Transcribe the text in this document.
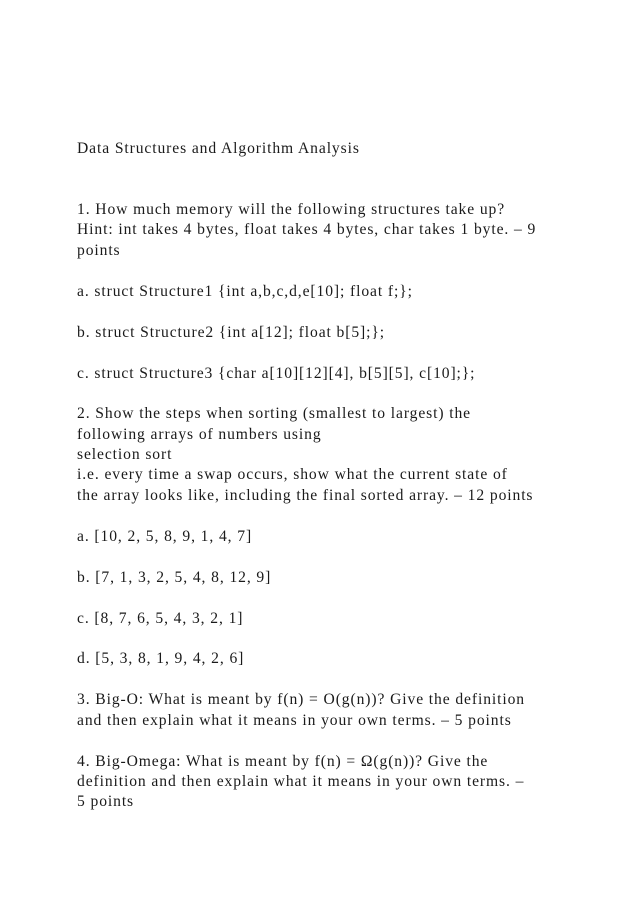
Data Structures and Algorithm Analysis
1. How much memory will the following structures take up?
Hint: int takes 4 bytes, float takes 4 bytes, char takes 1 byte. – 9
points
a. struct Structure1 {int a,b,c,d,e[10]; float f;};
b. struct Structure2 {int a[12]; float b[5];};
c. struct Structure3 {char a[10][12][4], b[5][5], c[10];};
2. Show the steps when sorting (smallest to largest) the
following arrays of numbers using
selection sort
i.e. every time a swap occurs, show what the current state of
the array looks like, including the final sorted array. – 12 points
a. [10, 2, 5, 8, 9, 1, 4, 7]
b. [7, 1, 3, 2, 5, 4, 8, 12, 9]
c. [8, 7, 6, 5, 4, 3, 2, 1]
d. [5, 3, 8, 1, 9, 4, 2, 6]
3. Big-O: What is meant by f(n) = O(g(n))? Give the definition
and then explain what it means in your own terms. – 5 points
4. Big-Omega: What is meant by f(n) = Ω(g(n))? Give the
definition and then explain what it means in your own terms. –
5 points
